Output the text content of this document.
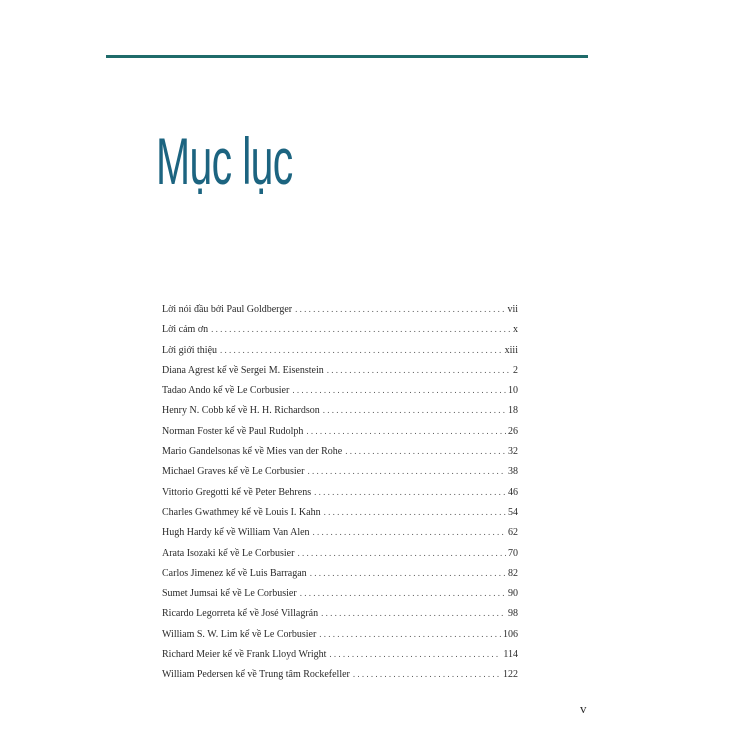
Mục lục
Lời nói đầu bởi Paul Goldberger . . .	vii
Lời cảm ơn . . .	x
Lời giới thiệu . . .	xiii
Diana Agrest kể về Sergei M. Eisenstein . . .	2
Tadao Ando kể về Le Corbusier . . .	10
Henry N. Cobb kể về H. H. Richardson . . .	18
Norman Foster kể về Paul Rudolph . . .	26
Mario Gandelsonas kể về Mies van der Rohe . . .	32
Michael Graves kể về Le Corbusier . . .	38
Vittorio Gregotti kể về Peter Behrens . . .	46
Charles Gwathmey kể về Louis I. Kahn . . .	54
Hugh Hardy kể về William Van Alen . . .	62
Arata Isozaki kể về Le Corbusier . . .	70
Carlos Jimenez kể về Luis Barragan . . .	82
Sumet Jumsai kể về Le Corbusier . . .	90
Ricardo Legorreta kể về José Villagrán . . .	98
William S. W. Lim kể về Le Corbusier . . .	106
Richard Meier kể về Frank Lloyd Wright . . .	114
William Pedersen kể về Trung tâm Rockefeller . . .	122
v
